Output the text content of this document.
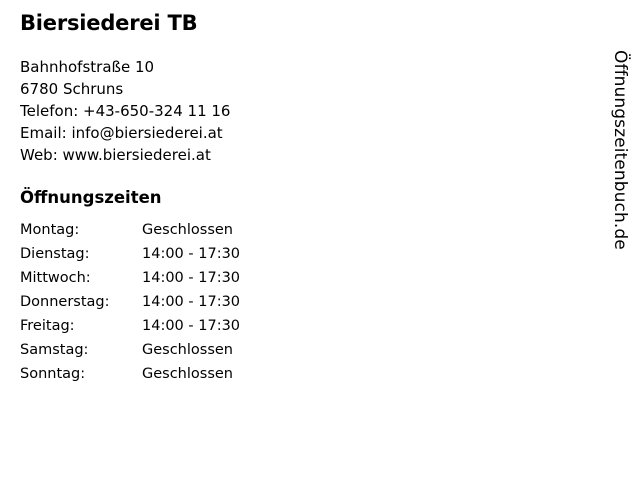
Biersiederei TB
Bahnhofstraße 10
6780 Schruns
Telefon: +43-650-324 11 16
Email: info@biersiederei.at
Web: www.biersiederei.at
Öffnungszeiten
Montag:	Geschlossen
Dienstag:	14:00 - 17:30
Mittwoch:	14:00 - 17:30
Donnerstag:	14:00 - 17:30
Freitag:	14:00 - 17:30
Samstag:	Geschlossen
Sonntag:	Geschlossen
Öffnungszeitenbuch.de
